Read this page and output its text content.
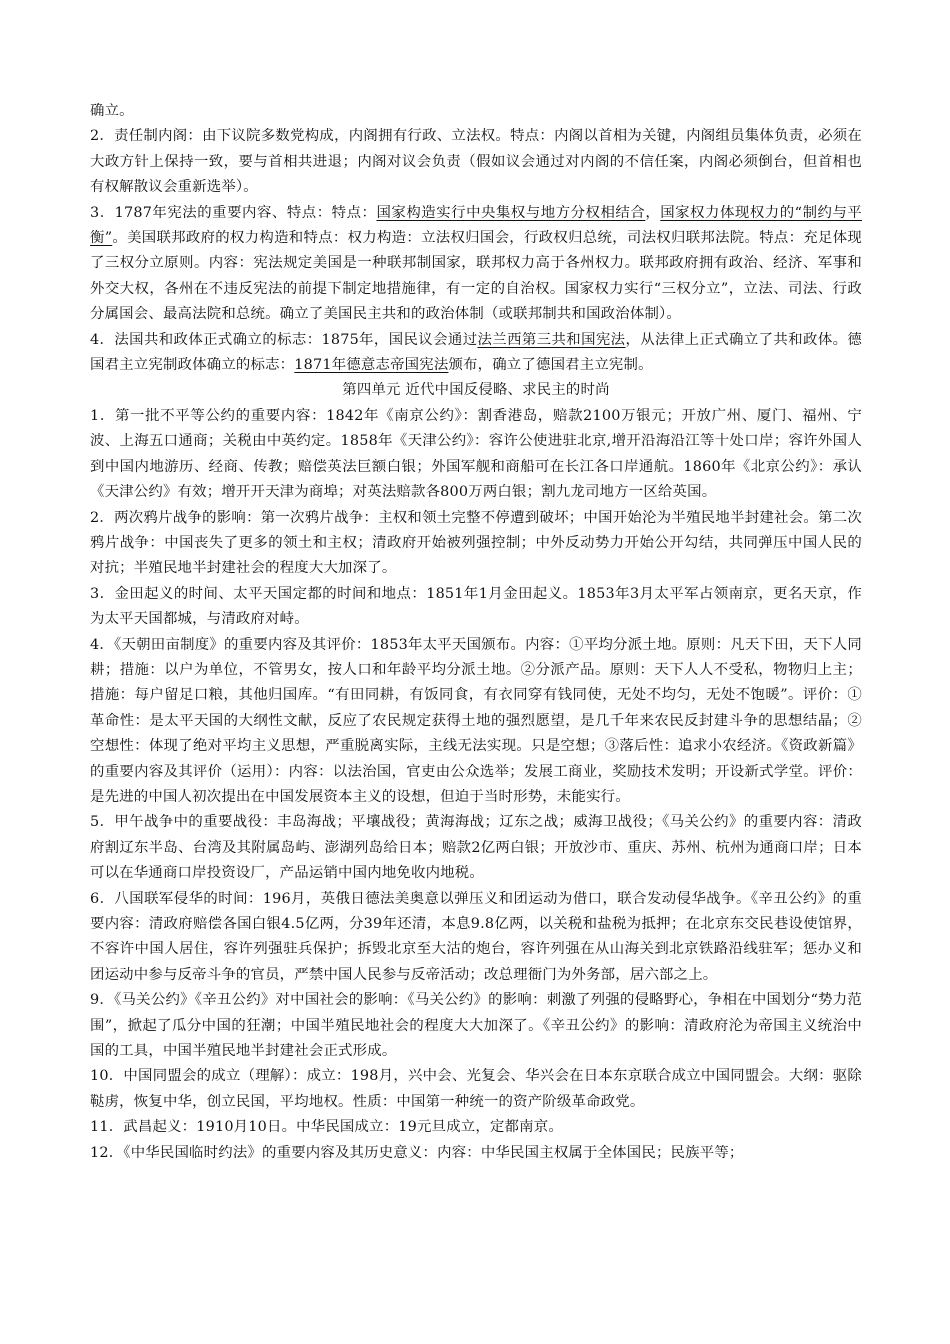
确立。

2．责任制内阁：由下议院多数党构成，内阁拥有行政、立法权。特点：内阁以首相为关键，内阁组员集体负责，必须在大政方针上保持一致，要与首相共进退；内阁对议会负责（假如议会通过对内阁的不信任案，内阁必须倒台，但首相也有权解散议会重新选举）。

3．1787年宪法的重要内容、特点：特点：国家构造实行中央集权与地方分权相结合，国家权力体现权力的“制约与平衡”。美国联邦政府的权力构造和特点：权力构造：立法权归国会，行政权归总统，司法权归联邦法院。特点：充足体现了三权分立原则。内容：宪法规定美国是一种联邦制国家，联邦权力高于各州权力。联邦政府拥有政治、经济、军事和外交大权，各州在不违反宪法的前提下制定地措施律，有一定的自治权。国家权力实行“三权分立”，立法、司法、行政分属国会、最高法院和总统。确立了美国民主共和的政治体制（或联邦制共和国政治体制）。

4．法国共和政体正式确立的标志：1875年，国民议会通过法兰西第三共和国宪法，从法律上正式确立了共和政体。德国君主立宪制政体确立的标志：1871年德意志帝国宪法颁布，确立了德国君主立宪制。

第四单元 近代中国反侵略、求民主的时尚

1．第一批不平等公约的重要内容：1842年《南京公约》：割香港岛，赔款2100万银元；开放广州、厦门、福州、宁波、上海五口通商；关税由中英约定。1858年《天津公约》：容许公使进驻北京,增开沿海沿江等十处口岸；容许外国人到中国内地游历、经商、传教；赔偿英法巨额白银；外国军舰和商船可在长江各口岸通航。1860年《北京公约》：承认《天津公约》有效；增开开天津为商埠；对英法赔款各800万两白银；割九龙司地方一区给英国。

2．两次鸦片战争的影响：第一次鸦片战争：主权和领土完整不停遭到破坏；中国开始沦为半殖民地半封建社会。第二次鸦片战争：中国丧失了更多的领土和主权；清政府开始被列强控制；中外反动势力开始公开勾结，共同弹压中国人民的对抗；半殖民地半封建社会的程度大大加深了。

3．金田起义的时间、太平天国定都的时间和地点：1851年1月金田起义。1853年3月太平军占领南京，更名天京，作为太平天国都城，与清政府对峙。

4．《天朝田亩制度》的重要内容及其评价：1853年太平天国颁布。内容：①平均分派土地。原则：凡天下田，天下人同耕；措施：以户为单位，不管男女，按人口和年龄平均分派土地。②分派产品。原则：天下人人不受私，物物归上主；措施：每户留足口粮，其他归国库。“有田同耕，有饭同食，有衣同穿有钱同使，无处不均匀，无处不饱暖”。评价：①革命性：是太平天国的大纲性文献，反应了农民规定获得土地的强烈愿望，是几千年来农民反封建斗争的思想结晶；②空想性：体现了绝对平均主义思想，严重脱离实际，主线无法实现。只是空想；③落后性：追求小农经济。《资政新篇》的重要内容及其评价（运用）：内容：以法治国，官吏由公众选举；发展工商业，奖励技术发明；开设新式学堂。评价：是先进的中国人初次提出在中国发展资本主义的设想，但迫于当时形势，未能实行。

5．甲午战争中的重要战役：丰岛海战；平壤战役；黄海海战；辽东之战；威海卫战役；《马关公约》的重要内容：清政府割辽东半岛、台湾及其附属岛屿、澎湖列岛给日本；赔款2亿两白银；开放沙市、重庆、苏州、杭州为通商口岸；日本可以在华通商口岸投资设厂，产品运销中国内地免收内地税。

6．八国联军侵华的时间：196月，英俄日德法美奥意以弹压义和团运动为借口，联合发动侵华战争。《辛丑公约》的重要内容：清政府赔偿各国白银4.5亿两，分39年还清，本息9.8亿两，以关税和盐税为抵押；在北京东交民巷设使馆界，不容许中国人居住，容许列强驻兵保护；拆毁北京至大沽的炮台，容许列强在从山海关到北京铁路沿线驻军；惩办义和团运动中参与反帝斗争的官员，严禁中国人民参与反帝活动；改总理衙门为外务部，居六部之上。

9．《马关公约》《辛丑公约》对中国社会的影响：《马关公约》的影响：刺激了列强的侵略野心，争相在中国划分“势力范围”，掀起了瓜分中国的狂潮；中国半殖民地社会的程度大大加深了。《辛丑公约》的影响：清政府沦为帝国主义统治中国的工具，中国半殖民地半封建社会正式形成。

10．中国同盟会的成立（理解）：成立：198月，兴中会、光复会、华兴会在日本东京联合成立中国同盟会。大纲：驱除鞑虏，恢复中华，创立民国，平均地权。性质：中国第一种统一的资产阶级革命政党。

11．武昌起义：1910月10日。中华民国成立：19元旦成立，定都南京。

12．《中华民国临时约法》的重要内容及其历史意义：内容：中华民国主权属于全体国民；民族平等；
